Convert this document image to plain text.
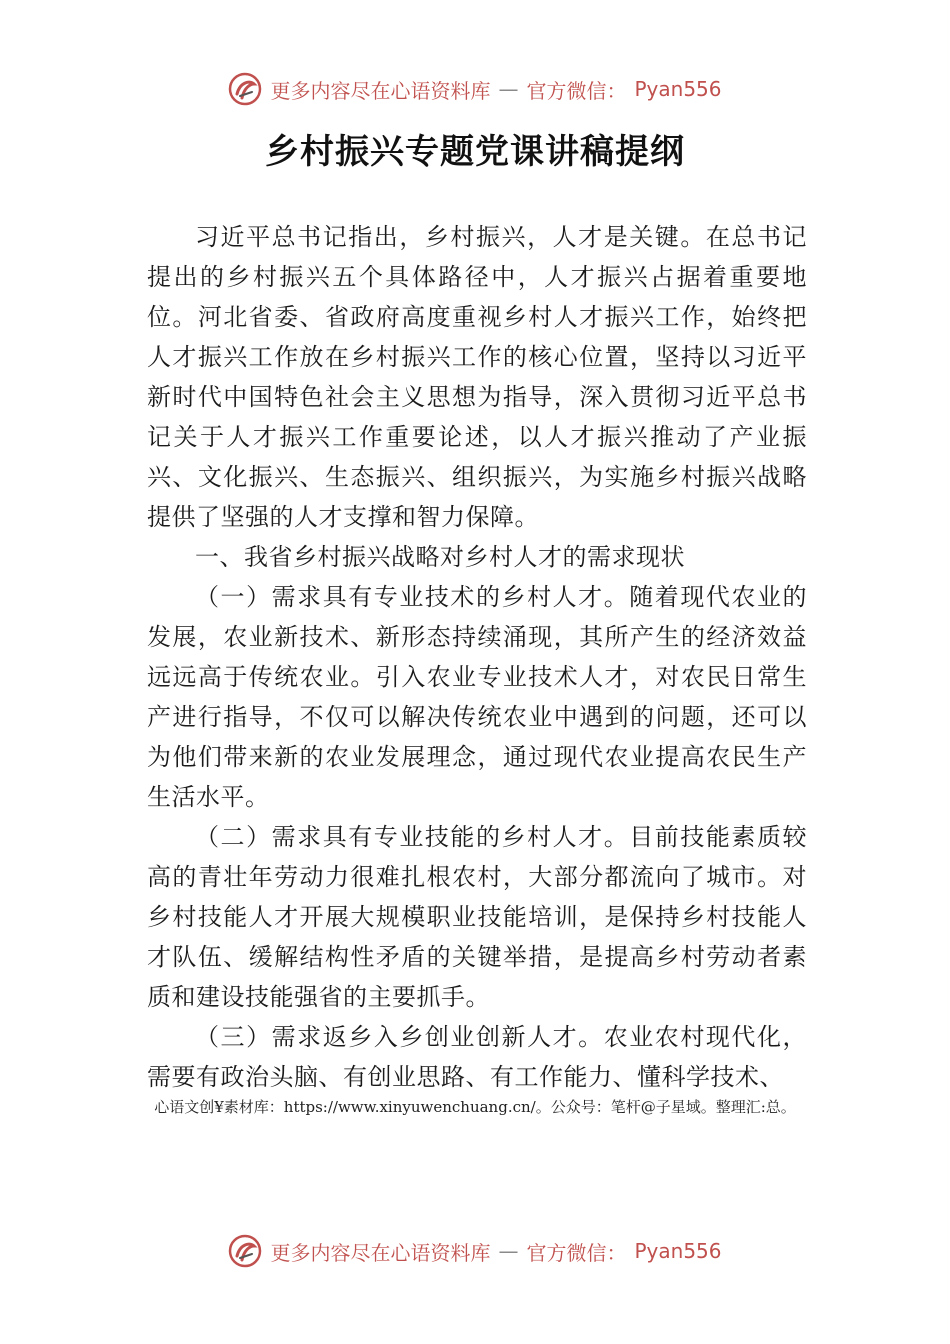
更多内容尽在心语资料库 — 官方微信： Pyan556
乡村振兴专题党课讲稿提纲

习近平总书记指出，乡村振兴，人才是关键。在总书记提出的乡村振兴五个具体路径中，人才振兴占据着重要地位。河北省委、省政府高度重视乡村人才振兴工作，始终把人才振兴工作放在乡村振兴工作的核心位置，坚持以习近平新时代中国特色社会主义思想为指导，深入贯彻习近平总书记关于人才振兴工作重要论述，以人才振兴推动了产业振兴、文化振兴、生态振兴、组织振兴，为实施乡村振兴战略提供了坚强的人才支撑和智力保障。

一、我省乡村振兴战略对乡村人才的需求现状

（一）需求具有专业技术的乡村人才。随着现代农业的发展，农业新技术、新形态持续涌现，其所产生的经济效益远远高于传统农业。引入农业专业技术人才，对农民日常生产进行指导，不仅可以解决传统农业中遇到的问题，还可以为他们带来新的农业发展理念，通过现代农业提高农民生产生活水平。

（二）需求具有专业技能的乡村人才。目前技能素质较高的青壮年劳动力很难扎根农村，大部分都流向了城市。对乡村技能人才开展大规模职业技能培训，是保持乡村技能人才队伍、缓解结构性矛盾的关键举措，是提高乡村劳动者素质和建设技能强省的主要抓手。

（三）需求返乡入乡创业创新人才。农业农村现代化，需要有政治头脑、有创业思路、有工作能力、懂科学技术、

心语文创¥素材库：https://www.xinyuwenchuang.cn/。公众号：笔杆@子星域。整理汇:总。
更多内容尽在心语资料库 — 官方微信： Pyan556
